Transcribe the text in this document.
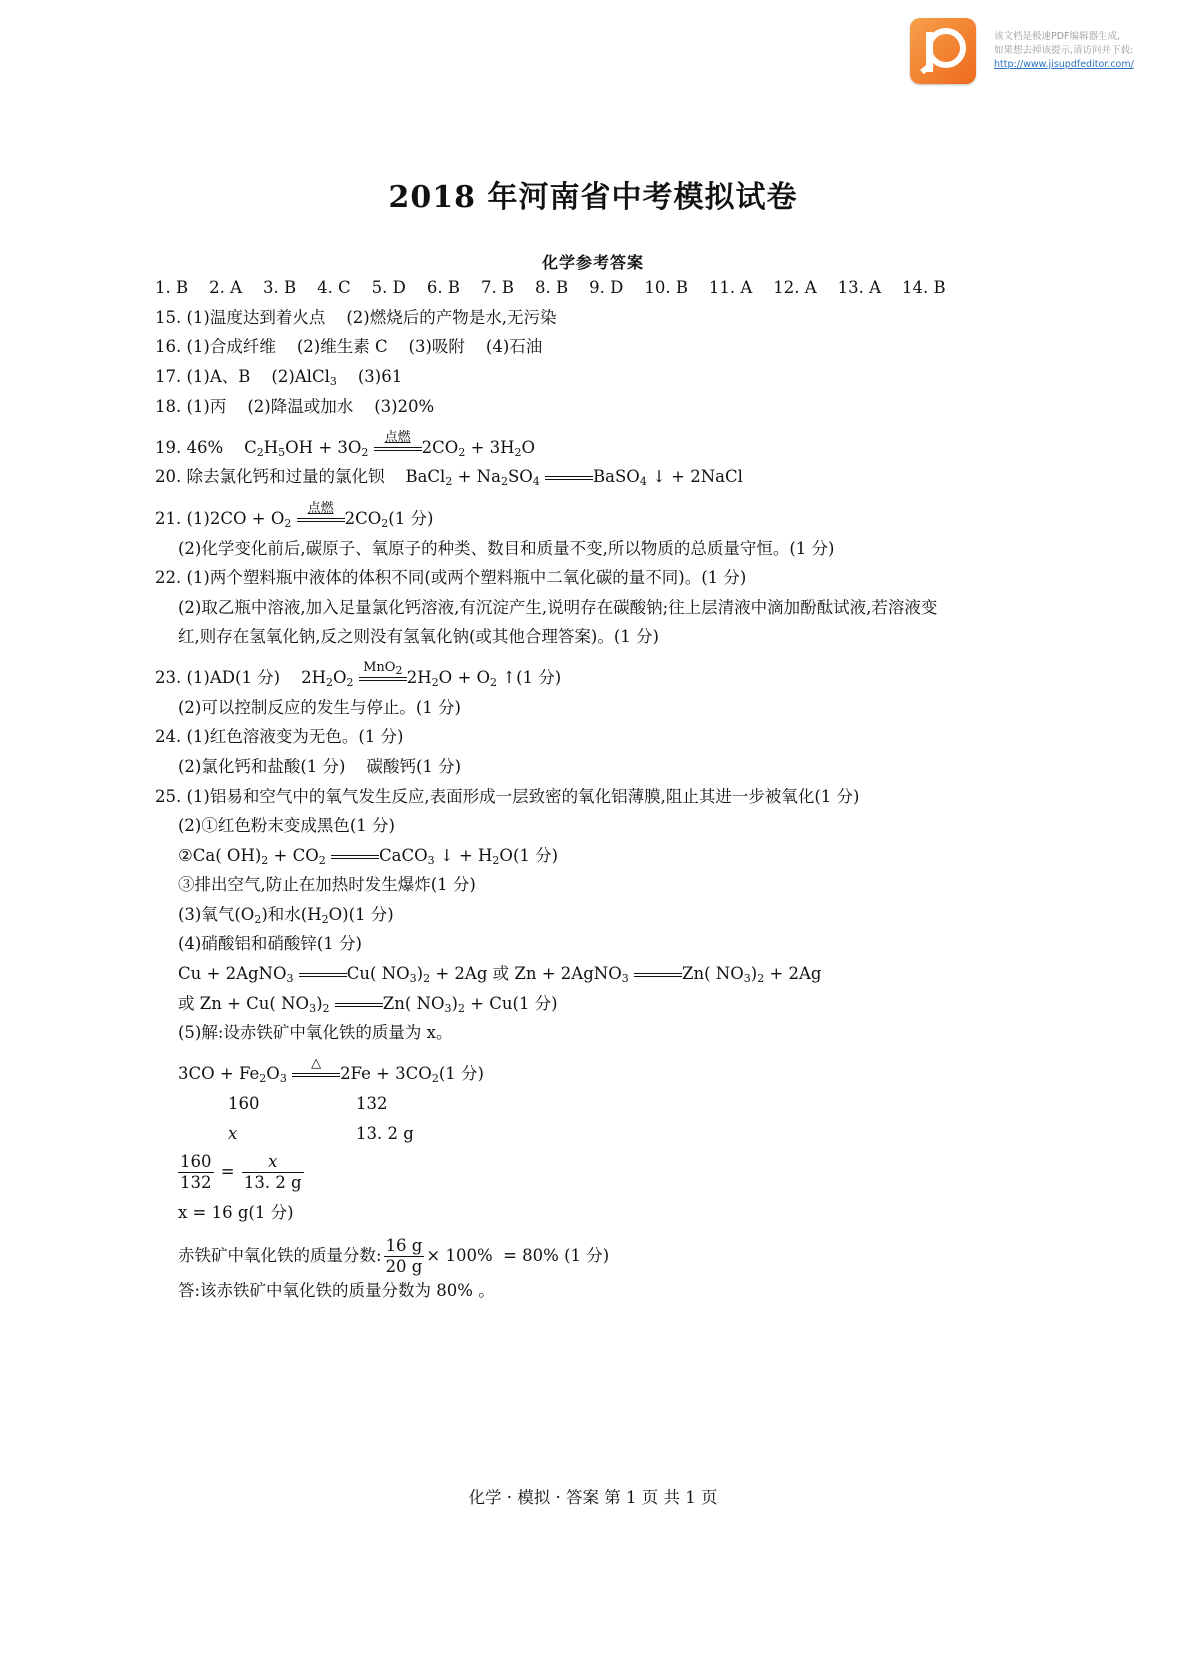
该文档是极速PDF编辑器生成,
如果想去掉该提示,请访问并下载:
http://www.jisupdfeditor.com/
2018 年河南省中考模拟试卷
化学参考答案
1. B    2. A    3. B    4. C    5. D    6. B    7. B    8. B    9. D    10. B    11. A    12. A    13. A    14. B
15. (1)温度达到着火点    (2)燃烧后的产物是水,无污染
16. (1)合成纤维    (2)维生素 C    (3)吸附    (4)石油
17. (1)A、B    (2)AlCl$_3$    (3)61
18. (1)丙    (2)降温或加水    (3)20%
19. 46%    $C_2H_5OH + 3O_2$
点燃
$2CO_2 + 3H_2O$
20. 除去氯化钙和过量的氯化钡    BaCl$_2$ + $Na_2SO_4$	BaSO$_4$ ↓ + 2NaCl
21. $(1)2CO + O_2$
点燃
$2CO_2(1$ 分)
(2)化学变化前后,碳原子、氧原子的种类、数目和质量不变,所以物质的总质量守恒。(1 分)
22. (1)两个塑料瓶中液体的体积不同(或两个塑料瓶中二氧化碳的量不同)。(1 分)
(2)取乙瓶中溶液,加入足量氯化钙溶液,有沉淀产生,说明存在碳酸钠;往上层清液中滴加酚酞试液,若溶液变
红,则存在氢氧化钠,反之则没有氢氧化钠(或其他合理答案)。(1 分)
23. (1)AD(1 分)    $2H_2O_2$
MnO$_2$ $2H_2O + O_2$ ↑(1 分)
(2)可以控制反应的发生与停止。(1 分)
24. (1)红色溶液变为无色。(1 分)
(2)氯化钙和盐酸(1 分)    碳酸钙(1 分)
25. (1)铝易和空气中的氧气发生反应,表面形成一层致密的氧化铝薄膜,阻止其进一步被氧化(1 分)
(2)①红色粉末变成黑色(1 分)
②Ca( $OH)_2 + CO_2$	CaCO$_3$ ↓ + $H_2O(1$ 分)
③排出空气,防止在加热时发生爆炸(1 分)
(3)氧气$(O_2)$和水$(H_2O)(1$ 分)
(4)硝酸铝和硝酸锌(1 分)
Cu + 2AgNO$_3$	Cu( $NO_3)_2 + 2Ag$ 或 Zn + 2AgNO$_3$	Zn( $NO_3)_2 + 2Ag$
或 Zn + Cu( $NO_3)_2$	Zn( $NO_3)_2 + Cu(1$ 分)
(5)解:设赤铁矿中氧化铁的质量为 x。
$3CO + Fe_2O_3$
△
$2Fe + 3CO_2(1$ 分)
160	132
x	13. 2 g
$\frac{160}{132} = \frac{x}{13. 2 g}$
x = 16 g(1 分)
赤铁矿中氧化铁的质量分数: $\frac{16 g}{20 g} \times 100\% = 80\%$ (1 分)
答:该赤铁矿中氧化铁的质量分数为 80% 。
化学 · 模拟 · 答案 第 1 页 共 1 页
